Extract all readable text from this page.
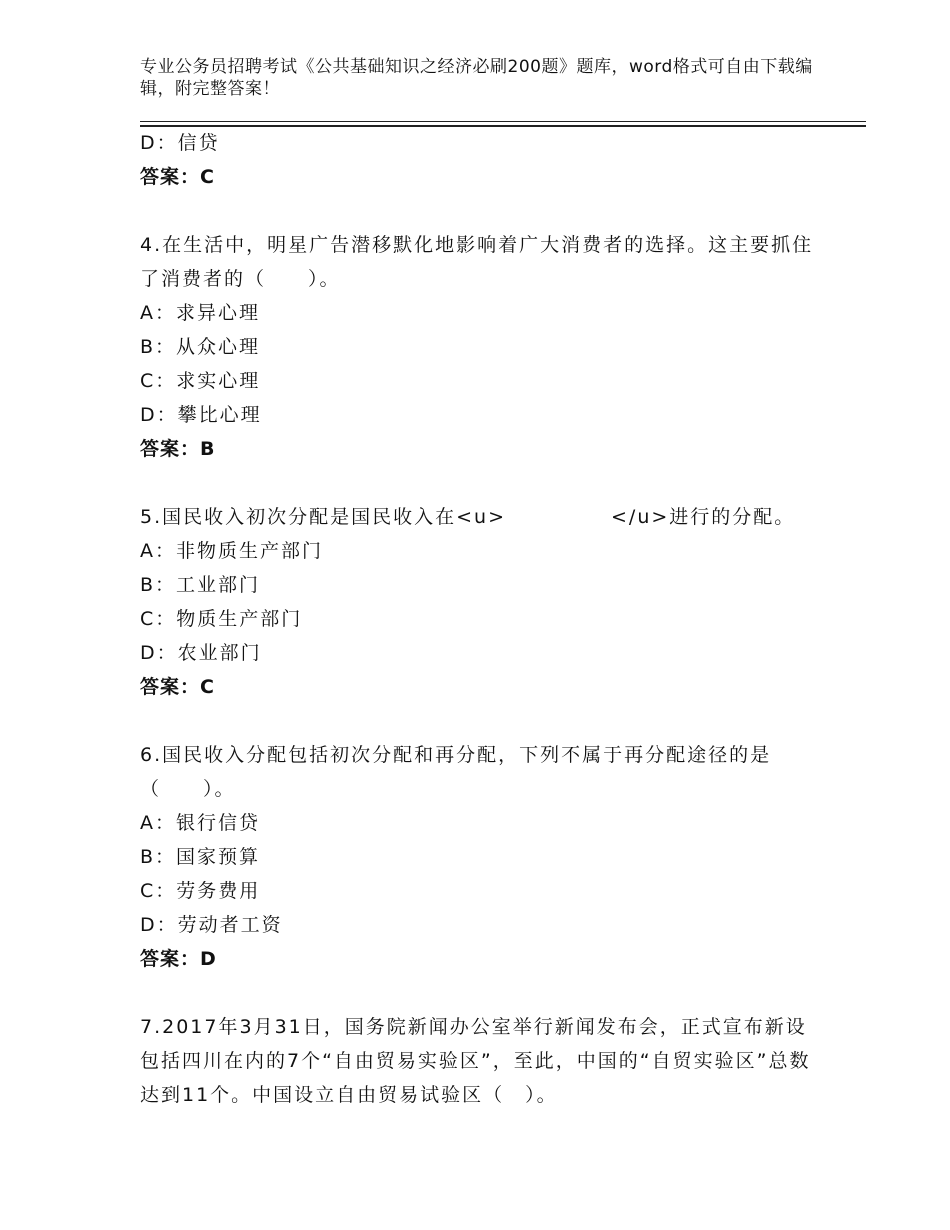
专业公务员招聘考试《公共基础知识之经济必刷200题》题库，word格式可自由下载编辑，附完整答案！
D：信贷
答案：C
4.在生活中，明星广告潜移默化地影响着广大消费者的选择。这主要抓住了消费者的（　　）。
A：求异心理
B：从众心理
C：求实心理
D：攀比心理
答案：B
5.国民收入初次分配是国民收入在<u>　　　　　</u>进行的分配。
A：非物质生产部门
B：工业部门
C：物质生产部门
D：农业部门
答案：C
6.国民收入分配包括初次分配和再分配，下列不属于再分配途径的是（　　）。
A：银行信贷
B：国家预算
C：劳务费用
D：劳动者工资
答案：D
7.2017年3月31日，国务院新闻办公室举行新闻发布会，正式宣布新设包括四川在内的7个“自由贸易实验区”，至此，中国的“自贸实验区”总数达到11个。中国设立自由贸易试验区（　）。
